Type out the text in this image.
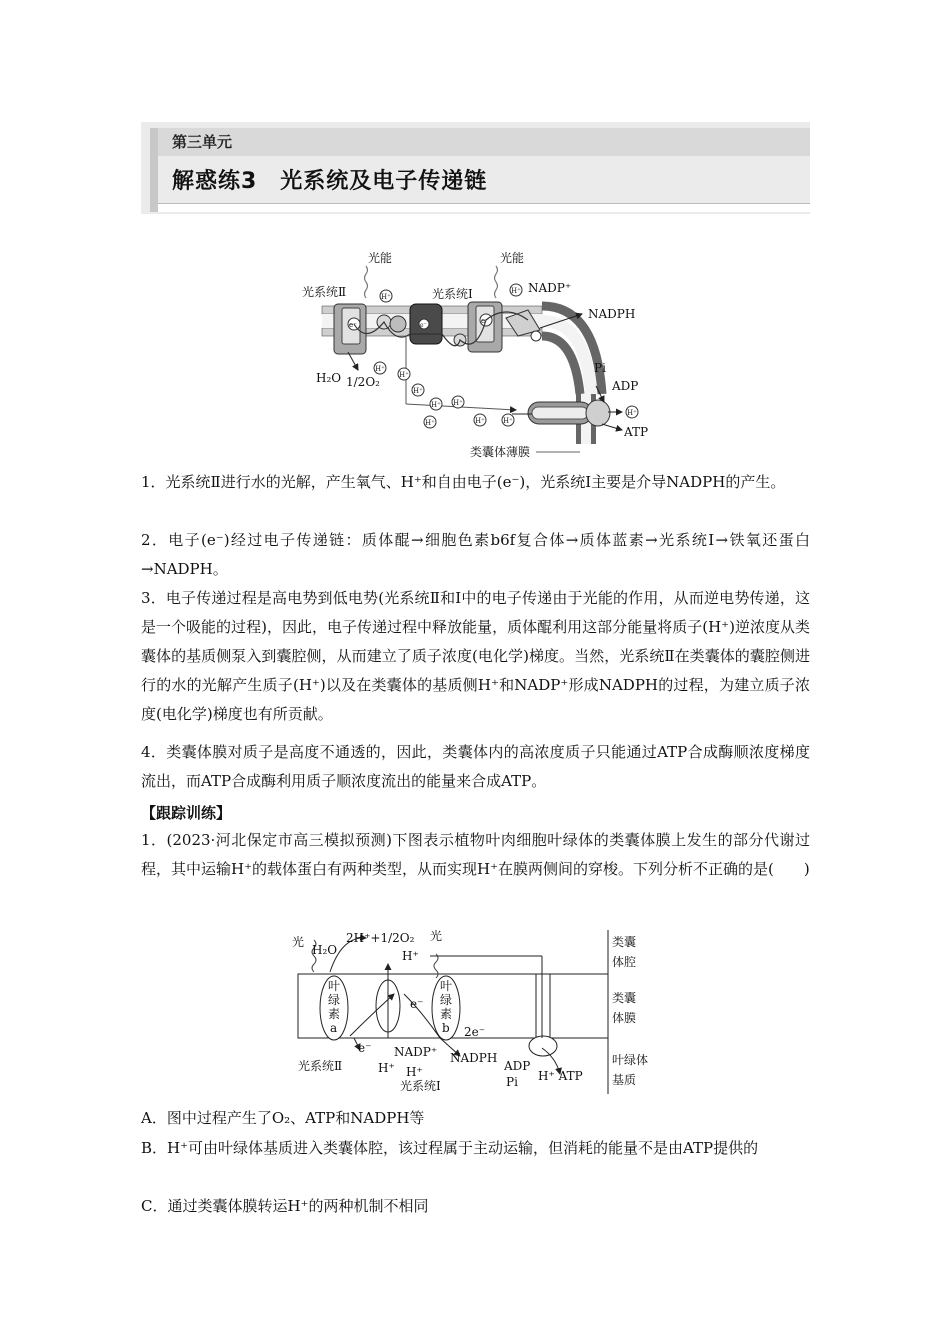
第三单元
解惑练3　光系统及电子传递链
e⁻	e⁻
H⁺
H⁺
H⁺
H⁺
H⁺
H⁺ H⁺
H⁺	H⁺	H⁺
H⁺
e⁻
光能	光能
光系统Ⅱ	光系统Ⅰ
H₂O 1/2O₂
NADP⁺
NADPH
Pi
ADP
ATP
类囊体薄膜

1．光系统Ⅱ进行水的光解，产生氧气、H⁺和自由电子(e⁻)，光系统Ⅰ主要是介导NADPH的产生。

2．电子(e⁻)经过电子传递链：质体醌→细胞色素b6f复合体→质体蓝素→光系统Ⅰ→铁氧还蛋白→NADPH。

3．电子传递过程是高电势到低电势(光系统Ⅱ和Ⅰ中的电子传递由于光能的作用，从而逆电势传递，这是一个吸能的过程)，因此，电子传递过程中释放能量，质体醌利用这部分能量将质子(H⁺)逆浓度从类囊体的基质侧泵入到囊腔侧，从而建立了质子浓度(电化学)梯度。当然，光系统Ⅱ在类囊体的囊腔侧进行的水的光解产生质子(H⁺)以及在类囊体的基质侧H⁺和NADP⁺形成NADPH的过程，为建立质子浓度(电化学)梯度也有所贡献。

4．类囊体膜对质子是高度不通透的，因此，类囊体内的高浓度质子只能通过ATP合成酶顺浓度梯度流出，而ATP合成酶利用质子顺浓度流出的能量来合成ATP。

【跟踪训练】

1．(2023·河北保定市高三模拟预测)下图表示植物叶肉细胞叶绿体的类囊体膜上发生的部分代谢过程，其中运输H⁺的载体蛋白有两种类型，从而实现H⁺在膜两侧间的穿梭。下列分析不正确的是(　　)

光
H₂O
2H⁺+1/2O₂ 光
H⁺
类囊
体腔
类囊
体膜
叶绿体
基质
叶
绿
素
a
叶
绿
素
b
e⁻
e⁻
2e⁻
光系统Ⅱ	H⁺ H⁺
NADP⁺ NADPH
ADP
Pi H⁺ ATP
光系统Ⅰ

A．图中过程产生了O₂、ATP和NADPH等

B．H⁺可由叶绿体基质进入类囊体腔，该过程属于主动运输，但消耗的能量不是由ATP提供的

C．通过类囊体膜转运H⁺的两种机制不相同
